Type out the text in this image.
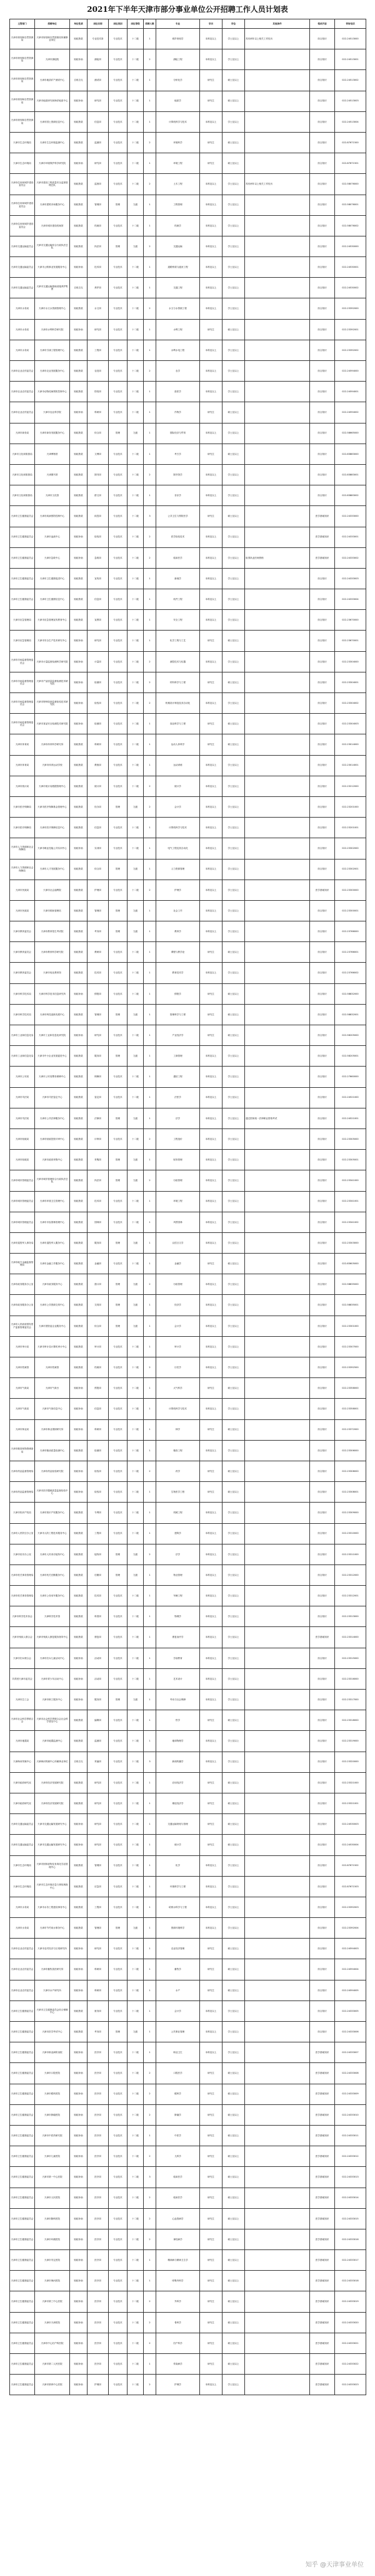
2021年下半年天津市部分事业单位公开招聘工作人员计划表
主管部门	招聘单位	单位性质	岗位名称	岗位类别	岗位等级	招聘人数	专业	学历	学位	其他条件	笔试内容	咨询电话
天津市规划和自然资源局	天津市规划和自然资源局所属事业单位	财政拨款	专业技术岗	专业技术	十二级	1	城乡规划学	本科及以上	学士及以上	具有两年以上相关工作经历	综合知识	022-24513000
天津市规划和自然资源局	天津市测绘院	财政补助	测绘岗	专业技术	十二级	2	测绘工程	本科及以上	学士及以上		综合知识	022-24513001
天津市规划和自然资源局	天津市地质矿产测试中心	自收自支	测试岗	专业技术	十二级	1	分析化学	研究生	硕士及以上		综合知识	022-24513002
天津市规划和自然资源局	天津市地质研究和海洋地质中心	财政补助	研究岗	专业技术	十二级	1	地质学	研究生	硕士及以上		综合知识	022-24513003
天津市规划和自然资源局	天津市国土资源信息中心	财政拨款	信息岗	专业技术	十二级	1	计算机科学与技术	本科及以上	学士及以上		综合知识	022-24513004
天津市生态环境局	天津市生态环境监测中心	财政拨款	监测岗	专业技术	十二级	2	环境科学	研究生	硕士及以上		综合知识	022-87671500
天津市生态环境局	天津市环境保护科学研究院	财政补助	研究岗	专业技术	十二级	1	环境工程	研究生	硕士及以上		综合知识	022-87671501
天津市住房和城乡建设委员会	天津市建设工程质量安全监督管理总队	财政拨款	监督岗	专业技术	十二级	2	土木工程	本科及以上	学士及以上	具有两年以上相关工作经历	综合知识	022-58076000
天津市住房和城乡建设委员会	天津市建筑市场服务中心	财政拨款	管理岗	管理	九级	1	工程管理	本科及以上	学士及以上		综合知识	022-58076001
天津市住房和城乡建设委员会	天津市城市建设档案馆	财政拨款	档案岗	专业技术	十二级	1	档案学	本科及以上	学士及以上		综合知识	022-58076002
天津市交通运输委员会	天津市交通运输综合行政执法总队	财政拨款	执法岗	管理	九级	2	交通运输	本科及以上	学士及以上		综合知识	022-24530000
天津市交通运输委员会	天津市公路事业发展服务中心	财政补助	技术岗	专业技术	十二级	1	道路桥梁与渡河工程	本科及以上	学士及以上		综合知识	022-24530001
天津市交通运输委员会	天津市交通运输基础设施养护集团	自收自支	养护岗	专业技术	十二级	1	交通工程	本科及以上	学士及以上		综合知识	022-24530002
天津市水务局	天津市水文水资源管理中心	财政拨款	水文岗	专业技术	十二级	2	水文与水资源工程	本科及以上	学士及以上		综合知识	022-23392000
天津市水务局	天津市水利科学研究院	财政补助	研究岗	专业技术	十二级	1	水利工程	研究生	硕士及以上		综合知识	022-23392001
天津市水务局	天津市引滦工程管理中心	财政拨款	工程岗	专业技术	十二级	1	水利水电工程	本科及以上	学士及以上		综合知识	022-23392002
天津市农业农村委员会	天津市农业发展服务中心	财政拨款	农技岗	专业技术	十二级	2	农学	本科及以上	学士及以上		综合知识	022-24594000
天津市农业农村委员会	天津市动物疫病预防控制中心	财政拨款	防疫岗	专业技术	十二级	1	兽医学	本科及以上	学士及以上		综合知识	022-24594001
天津市农业农村委员会	天津市农业科学院	财政补助	科研岗	专业技术	十二级	1	作物学	研究生	硕士及以上		综合知识	022-24594002
天津市商务局	天津市商务发展服务中心	财政拨款	综合岗	管理	九级	1	国际经济与贸易	本科及以上	学士及以上		综合知识	022-58665000
天津市文化和旅游局	天津博物馆	财政拨款	文博岗	专业技术	十二级	1	考古学	研究生	硕士及以上		综合知识	022-83883000
天津市文化和旅游局	天津图书馆	财政拨款	图书岗	专业技术	十二级	2	图书馆学	本科及以上	学士及以上		综合知识	022-83883001
天津市文化和旅游局	天津市文化馆	财政拨款	群文岗	专业技术	十二级	1	音乐学	本科及以上	学士及以上		综合知识	022-83883002
天津市卫生健康委员会	天津市疾病预防控制中心	财政拨款	疾控岗	专业技术	十二级	3	公共卫生与预防医学	研究生	硕士及以上		医学基础知识	022-24333000
天津市卫生健康委员会	天津市血液中心	财政补助	检验岗	专业技术	十二级	2	医学检验技术	本科及以上	学士及以上		医学基础知识	022-24333001
天津市卫生健康委员会	天津市急救中心	财政补助	急救岗	专业技术	十二级	2	临床医学	本科及以上	学士及以上	取得执业医师资格	医学基础知识	022-24333002
天津市卫生健康委员会	天津市卫生健康促进中心	财政拨款	宣传岗	专业技术	十二级	1	新闻学	本科及以上	学士及以上		综合知识	022-24333003
天津市卫生健康委员会	天津市卫生健康信息中心	财政拨款	信息岗	专业技术	十二级	1	软件工程	本科及以上	学士及以上		综合知识	022-24333004
天津市应急管理局	天津市应急管理宣传教育中心	财政拨款	宣教岗	专业技术	十二级	1	安全工程	本科及以上	学士及以上		综合知识	022-23670000
天津市应急管理局	天津市安全生产技术研究中心	财政补助	研究岗	专业技术	十二级	1	化学工程与工艺	研究生	硕士及以上		综合知识	022-23670001
天津市市场监督管理委员会	天津市计量监督检测科学研究院	财政补助	计量岗	专业技术	十二级	2	测控技术与仪器	本科及以上	学士及以上		综合知识	022-23304000
天津市市场监督管理委员会	天津市产品质量监督检测技术研究院	财政补助	检测岗	专业技术	十二级	2	材料科学与工程	研究生	硕士及以上		综合知识	022-23304001
天津市市场监督管理委员会	天津市特种设备监督检验技术研究院	财政补助	检验岗	专业技术	十二级	2	机械设计制造及其自动化	本科及以上	学士及以上		综合知识	022-23304002
天津市市场监督管理委员会	天津市食品安全检测技术研究院	财政补助	检测岗	专业技术	十二级	1	食品科学与工程	研究生	硕士及以上		综合知识	022-23304003
天津市体育局	天津市体育科学研究所	财政拨款	科研岗	专业技术	十二级	1	运动人体科学	研究生	硕士及以上		综合知识	022-23014000
天津市体育局	天津市体育运动学校	财政拨款	教练岗	专业技术	十二级	1	运动训练	本科及以上	学士及以上		综合知识	022-23014001
天津市统计局	天津市统计局数据管理中心	财政拨款	统计岗	专业技术	十二级	2	统计学	本科及以上	学士及以上		综合知识	022-23212000
天津市医疗保障局	天津市医疗保障基金管理中心	财政拨款	经办岗	管理	九级	2	会计学	本科及以上	学士及以上		综合知识	022-23201000
天津市医疗保障局	天津市医疗保障信息中心	财政拨款	信息岗	专业技术	十二级	1	计算机科学与技术	本科及以上	学士及以上		综合知识	022-23201001
天津市人力资源和社会保障局	天津市职业技能公共实训中心	财政补助	实训岗	专业技术	十二级	1	电气工程及其自动化	本科及以上	学士及以上		综合知识	022-23302000
天津市人力资源和社会保障局	天津市人才发展服务中心	财政拨款	综合岗	管理	九级	1	人力资源管理	本科及以上	学士及以上		综合知识	022-23302001
天津市民政局	天津市社会福利院	财政拨款	护理岗	专业技术	十二级	2	护理学	本科及以上	学士及以上		医学基础知识	022-23300000
天津市民政局	天津市救助管理站	财政拨款	管理岗	管理	九级	1	社会工作	本科及以上	学士及以上		综合知识	022-23300001
天津市教育委员会	天津市教育招生考试院	财政拨款	考务岗	管理	九级	1	教育学	本科及以上	学士及以上		综合知识	022-23766000
天津市教育委员会	天津市教育科学研究院	财政拨款	教研岗	专业技术	十二级	1	课程与教学论	研究生	硕士及以上		综合知识	022-23766001
天津市教育委员会	天津市电化教育馆	财政拨款	技术岗	专业技术	十二级	1	教育技术学	本科及以上	学士及以上		综合知识	022-23766002
天津市科学技术局	天津市科学技术信息研究所	财政补助	情报岗	专业技术	十二级	1	情报学	研究生	硕士及以上		综合知识	022-58832000
天津市科学技术局	天津市科技创新发展中心	财政拨款	管理岗	管理	九级	1	管理科学与工程	研究生	硕士及以上		综合知识	022-58832001
天津市工业和信息化局	天津市工业和信息化研究院	财政补助	研究岗	专业技术	十二级	1	产业经济学	研究生	硕士及以上		综合知识	022-58205000
天津市工业和信息化局	天津市中小企业发展促进中心	财政拨款	服务岗	管理	九级	1	工商管理	本科及以上	学士及以上		综合知识	022-58205001
天津市公安局	天津市公安局警务保障中心	财政拨款	保障岗	专业技术	十二级	1	通信工程	本科及以上	学士及以上		综合知识	022-27660000
天津市司法局	天津市司法鉴定中心	财政拨款	鉴定岗	专业技术	十二级	1	法医学	本科及以上	学士及以上		综合知识	022-24521000
天津市司法局	天津市公共法律服务中心	财政拨款	法律岗	管理	九级	1	法学	本科及以上	学士及以上	通过国家统一法律职业资格考试	综合知识	022-24521001
天津市财政局	天津市财政投资评审中心	财政拨款	评审岗	专业技术	十二级	2	工程造价	本科及以上	学士及以上		综合知识	022-23305000
天津市财政局	天津市政府采购中心	财政拨款	采购岗	管理	九级	1	财务管理	本科及以上	学士及以上		综合知识	022-23305001
天津市城市管理委员会	天津市城市管理综合行政执法总队	财政拨款	执法岗	管理	九级	2	行政管理	本科及以上	学士及以上		综合知识	022-23341000
天津市城市管理委员会	天津市环境卫生管理中心	财政拨款	技术岗	专业技术	十二级	1	环境工程	本科及以上	学士及以上		综合知识	022-23341001
天津市城市管理委员会	天津市市容园林管理中心	财政拨款	园林岗	专业技术	十二级	1	风景园林	本科及以上	学士及以上		综合知识	022-23341002
天津市退役军人事务局	天津市退役军人服务中心	财政拨款	服务岗	管理	九级	1	汉语言文学	本科及以上	学士及以上		综合知识	022-23303000
天津市地方金融监督管理局	天津市金融工作服务中心	财政拨款	金融岗	专业技术	十二级	1	金融学	研究生	硕士及以上		综合知识	022-83605000
天津市政务服务办公室	天津市政务服务中心	财政拨款	窗口岗	管理	九级	2	行政管理	本科及以上	学士及以上		综合知识	022-58835000
天津市政务服务办公室	天津市公共资源交易中心	财政拨款	交易岗	管理	九级	1	经济学	本科及以上	学士及以上		综合知识	022-58835001
天津市人民政府国有资产监督管理委员会	天津市国资委企业服务中心	财政拨款	综合岗	管理	九级	1	会计学	本科及以上	学士及以上		综合知识	022-23301000
天津市审计局	天津市审计局计算机审计中心	财政拨款	审计岗	专业技术	十二级	1	审计学	本科及以上	学士及以上		综合知识	022-23307000
天津市档案馆	天津市档案馆	财政拨款	档案岗	专业技术	十二级	2	历史学	本科及以上	学士及以上		综合知识	022-23392500
天津市气象局	天津市气象台	财政补助	预报岗	专业技术	十二级	1	大气科学	研究生	硕士及以上		综合知识	022-23358000
天津市气象局	天津市气象信息中心	财政补助	信息岗	专业技术	十二级	1	计算机科学与技术	本科及以上	学士及以上		综合知识	022-23358001
天津市林业局	天津市林业果树研究所	财政补助	科研岗	专业技术	十二级	1	林学	研究生	硕士及以上		综合知识	022-23372000
天津市粮食和物资储备局	天津市粮油质量检测中心	财政拨款	检测岗	专业技术	十二级	1	粮食工程	本科及以上	学士及以上		综合知识	022-23306000
天津市药品监督管理局	天津市药品检验研究院	财政补助	检验岗	专业技术	十二级	2	药学	研究生	硕士及以上		综合知识	022-23308000
天津市药品监督管理局	天津市医疗器械质量监督检验中心	财政补助	检验岗	专业技术	十二级	1	生物医学工程	研究生	硕士及以上		综合知识	022-23308001
天津市知识产权局	天津市知识产权服务中心	财政拨款	专利岗	专业技术	十二级	1	机械工程	本科及以上	学士及以上		综合知识	022-23309000
天津市人民防空办公室	天津市人防工程技术服务中心	财政拨款	工程岗	专业技术	十二级	1	建筑学	本科及以上	学士及以上		综合知识	022-23310000
天津市信访办公室	天津市人民来访接待中心	财政拨款	接待岗	管理	九级	2	法学	本科及以上	学士及以上		综合知识	022-23311000
天津市机关事务管理局	天津市机关后勤服务中心	财政拨款	后勤岗	管理	九级	1	物业管理	本科及以上	学士及以上		综合知识	022-23312000
天津市机关事务管理局	天津市公务用车服务中心	财政拨款	技术岗	专业技术	十二级	1	车辆工程	本科及以上	学士及以上		综合知识	022-23312001
天津市科学技术协会	天津科学技术馆	财政拨款	科普岗	专业技术	十二级	1	物理学	本科及以上	学士及以上		综合知识	022-23313000
天津市残疾人联合会	天津市残疾人康复服务指导中心	财政拨款	康复岗	专业技术	十二级	1	康复治疗学	本科及以上	学士及以上		医学基础知识	022-23314000
天津市妇女联合会	天津市妇女儿童活动中心	财政补助	活动岗	专业技术	十二级	1	学前教育	本科及以上	学士及以上		综合知识	022-23315000
共青团天津市委员会	天津市青少年活动中心	财政补助	活动岗	专业技术	十二级	1	艺术设计	本科及以上	学士及以上		综合知识	022-23316000
天津市总工会	天津市职工服务中心	财政补助	服务岗	管理	九级	1	劳动与社会保障	本科及以上	学士及以上		综合知识	022-23317000
天津市社会科学界联合会	天津市社会科学界联合会社会科学普及中心	财政拨款	编辑岗	专业技术	十二级	1	哲学	研究生	硕士及以上		综合知识	022-23318000
天津市地震局	天津市地震监测中心	财政拨款	监测岗	专业技术	十二级	1	地球物理学	本科及以上	学士及以上		综合知识	022-23319000
天津海河传媒中心	天津海河传媒中心所属事业单位	自收自支	采编岗	专业技术	十二级	3	新闻传播学	本科及以上	学士及以上		综合知识	022-23320000
天津市政府研究室	天津市经济发展研究院	财政拨款	研究岗	专业技术	十二级	1	应用经济学	研究生	硕士及以上		综合知识	022-23321000
天津市政府研究室	天津市经济发展研究院	财政拨款	研究岗	专业技术	十二级	1	理论经济学	研究生	硕士及以上		综合知识	022-23321001
天津市交通运输委员会	天津市交通运输发展研究中心	财政补助	研究岗	专业技术	十二级	1	交通运输规划与管理	研究生	硕士及以上		综合知识	022-24530003
天津市交通运输委员会	天津市交通运输发展研究中心	财政补助	研究岗	专业技术	十二级	1	统计学	研究生	硕士及以上		综合知识	022-24530004
天津市生态环境局	天津市固体废物及有毒化学品管理中心	财政拨款	管理岗	专业技术	十二级	1	化学	本科及以上	学士及以上		综合知识	022-87671502
天津市生态环境局	天津市生态环境应急与事故调查中心	财政拨款	应急岗	专业技术	十二级	1	环境科学与工程	本科及以上	学士及以上		综合知识	022-87671503
天津市水务局	天津市水务工程建设事务中心	财政拨款	工程岗	专业技术	十二级	1	给排水科学与工程	本科及以上	学士及以上		综合知识	022-23392003
天津市水务局	天津市节约用水事务中心	财政拨款	管理岗	管理	九级	1	资源环境科学	本科及以上	学士及以上		综合知识	022-23392004
天津市农业农村委员会	天津市农村经济与区划研究所	财政补助	研究岗	专业技术	十二级	1	农业经济管理	研究生	硕士及以上		综合知识	022-24594003
天津市农业农村委员会	天津市畜牧兽医研究所	财政补助	科研岗	专业技术	十二级	1	畜牧学	研究生	硕士及以上		综合知识	022-24594004
天津市农业农村委员会	天津市水产研究所	财政补助	科研岗	专业技术	十二级	1	水产	研究生	硕士及以上		综合知识	022-24594005
天津市卫生健康委员会	天津市卫生健康委员会综合保障中心	财政拨款	财务岗	专业技术	十二级	1	会计学	本科及以上	学士及以上		综合知识	022-24333005
天津市卫生健康委员会	天津市医学考试中心	财政拨款	考务岗	管理	九级	1	公共事业管理	本科及以上	学士及以上		综合知识	022-24333006
天津市卫生健康委员会	天津市职业病防治院	财政补助	医疗岗	专业技术	十二级	1	职业卫生	本科及以上	学士及以上		医学基础知识	022-24333007
天津市卫生健康委员会	天津市口腔医院	财政补助	医疗岗	专业技术	十二级	2	口腔医学	研究生	硕士及以上		医学基础知识	022-24333008
天津市卫生健康委员会	天津市眼科医院	财政补助	医疗岗	专业技术	十二级	2	眼科学	研究生	硕士及以上		医学基础知识	022-24333009
天津市卫生健康委员会	天津市肿瘤医院	财政补助	医疗岗	专业技术	十二级	2	肿瘤学	研究生	硕士及以上		医学基础知识	022-24333010
天津市卫生健康委员会	天津市中医药研究院	财政补助	医疗岗	专业技术	十二级	1	中医学	研究生	硕士及以上		医学基础知识	022-24333011
天津市卫生健康委员会	天津市儿童医院	财政补助	医疗岗	专业技术	十二级	2	儿科学	研究生	硕士及以上		医学基础知识	022-24333012
天津市卫生健康委员会	天津市第一中心医院	财政补助	医疗岗	专业技术	十二级	3	临床医学	研究生	硕士及以上		医学基础知识	022-24333013
天津市卫生健康委员会	天津市人民医院	财政补助	医疗岗	专业技术	十二级	2	临床医学	研究生	硕士及以上		医学基础知识	022-24333014
天津市卫生健康委员会	天津市胸科医院	财政补助	医疗岗	专业技术	十二级	2	心血管病学	研究生	硕士及以上		医学基础知识	022-24333015
天津市卫生健康委员会	天津市环湖医院	财政补助	医疗岗	专业技术	十二级	2	神经病学	研究生	硕士及以上		医学基础知识	022-24333016
天津市卫生健康委员会	天津市安定医院	财政补助	医疗岗	专业技术	十二级	1	精神病与精神卫生学	研究生	硕士及以上		医学基础知识	022-24333017
天津市卫生健康委员会	天津市海河医院	财政补助	医疗岗	专业技术	十二级	1	呼吸内科学	研究生	硕士及以上		医学基础知识	022-24333018
天津市卫生健康委员会	天津市第三中心医院	财政补助	医疗岗	专业技术	十二级	2	外科学	研究生	硕士及以上		医学基础知识	022-24333019
天津市卫生健康委员会	天津市天津医院	财政补助	医疗岗	专业技术	十二级	2	骨科学	研究生	硕士及以上		医学基础知识	022-24333020
天津市卫生健康委员会	天津市中心妇产科医院	财政补助	医疗岗	专业技术	十二级	2	妇产科学	研究生	硕士及以上		医学基础知识	022-24333021
天津市卫生健康委员会	天津市第二人民医院	财政补助	医疗岗	专业技术	十二级	1	传染病学	研究生	硕士及以上		医学基础知识	022-24333022
天津市卫生健康委员会	天津市第四中心医院	财政补助	护理岗	专业技术	十二级	2	护理学	本科及以上	学士及以上		医学基础知识	022-24333023
知乎 @天津事业单位
